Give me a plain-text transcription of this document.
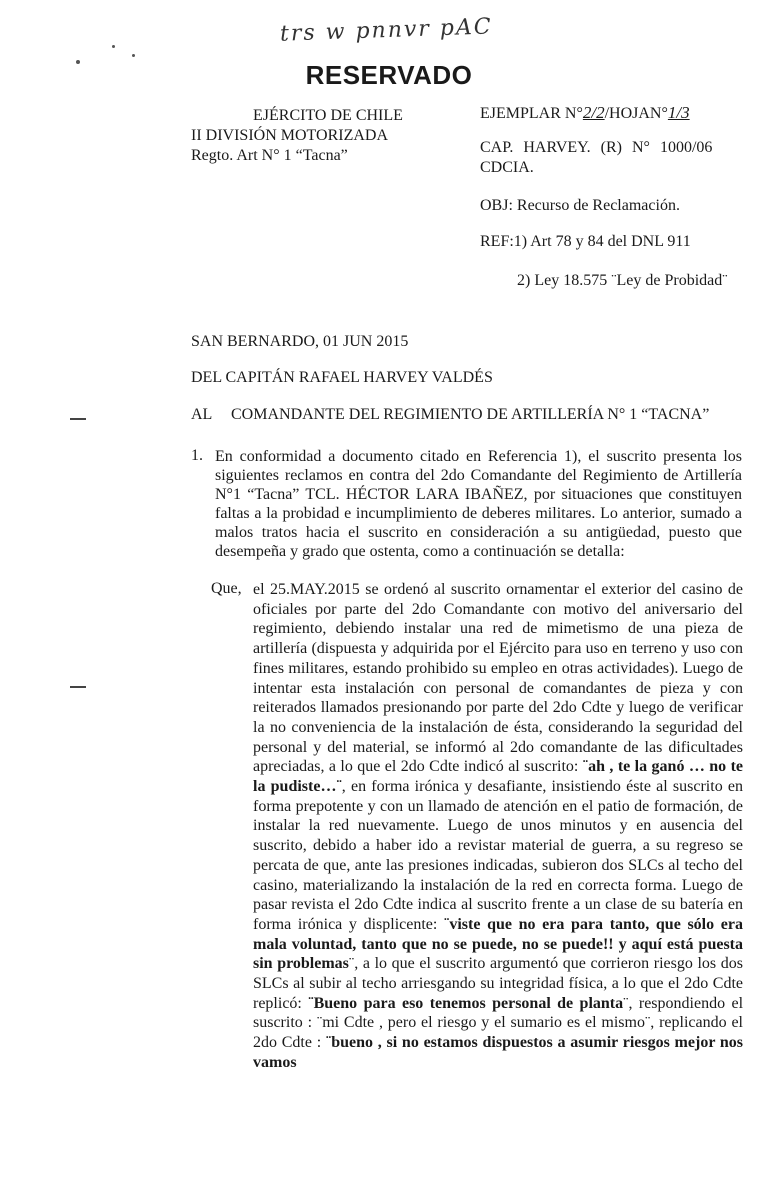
trs w pnnvr pAC
RESERVADO
EJÉRCITO DE CHILE
II DIVISIÓN MOTORIZADA
Regto. Art N° 1 “Tacna”
EJEMPLAR N°2/2/HOJAN°1/3
CAP. HARVEY. (R) N° 1000/06
CDCIA.
OBJ: Recurso de Reclamación.
REF:1) Art 78 y 84 del DNL 911
2) Ley 18.575 ¨Ley de Probidad¨
SAN BERNARDO, 01 JUN 2015
DEL CAPITÁN RAFAEL HARVEY VALDÉS
AL COMANDANTE DEL REGIMIENTO DE ARTILLERÍA N° 1 “TACNA”
1. En conformidad a documento citado en Referencia 1), el suscrito presenta los siguientes reclamos en contra del 2do Comandante del Regimiento de Artillería N°1 “Tacna” TCL. HÉCTOR LARA IBAÑEZ, por situaciones que constituyen faltas a la probidad e incumplimiento de deberes militares. Lo anterior, sumado a malos tratos hacia el suscrito en consideración a su antigüedad, puesto que desempeña y grado que ostenta, como a continuación se detalla:
Que, el 25.MAY.2015 se ordenó al suscrito ornamentar el exterior del casino de oficiales por parte del 2do Comandante con motivo del aniversario del regimiento, debiendo instalar una red de mimetismo de una pieza de artillería (dispuesta y adquirida por el Ejército para uso en terreno y uso con fines militares, estando prohibido su empleo en otras actividades). Luego de intentar esta instalación con personal de comandantes de pieza y con reiterados llamados presionando por parte del 2do Cdte y luego de verificar la no conveniencia de la instalación de ésta, considerando la seguridad del personal y del material, se informó al 2do comandante de las dificultades apreciadas, a lo que el 2do Cdte indicó al suscrito: ¨ah , te la ganó … no te la pudiste…¨, en forma irónica y desafiante, insistiendo éste al suscrito en forma prepotente y con un llamado de atención en el patio de formación, de instalar la red nuevamente. Luego de unos minutos y en ausencia del suscrito, debido a haber ido a revistar material de guerra, a su regreso se percata de que, ante las presiones indicadas, subieron dos SLCs al techo del casino, materializando la instalación de la red en correcta forma. Luego de pasar revista el 2do Cdte indica al suscrito frente a un clase de su batería en forma irónica y displicente: ¨viste que no era para tanto, que sólo era mala voluntad, tanto que no se puede, no se puede!! y aquí está puesta sin problemas¨, a lo que el suscrito argumentó que corrieron riesgo los dos SLCs al subir al techo arriesgando su integridad física, a lo que el 2do Cdte replicó: ¨Bueno para eso tenemos personal de planta¨, respondiendo el suscrito : ¨mi Cdte , pero el riesgo y el sumario es el mismo¨, replicando el 2do Cdte : ¨bueno , si no estamos dispuestos a asumir riesgos mejor nos vamos
